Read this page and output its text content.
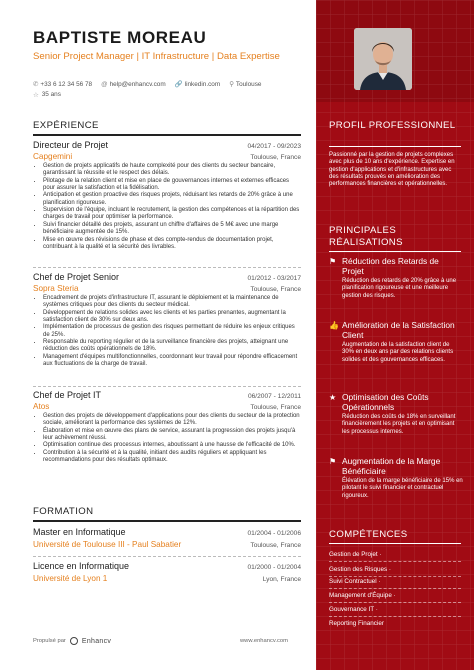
BAPTISTE MOREAU
Senior Project Manager | IT Infrastructure | Data Expertise
✆ +33 6 12 34 56 78 @ help@enhancv.com 🔗 linkedin.com ⚲ Toulouse
☆ 35 ans
EXPÉRIENCE
Directeur de Projet	04/2017 - 09/2023
Capgemini	Toulouse, France
• Gestion de projets applicatifs de haute complexité pour des clients du secteur bancaire, garantissant la réussite et le respect des délais.
• Pilotage de la relation client et mise en place de gouvernances internes et externes efficaces pour assurer la satisfaction et la fidélisation.
• Anticipation et gestion proactive des risques projets, réduisant les retards de 20% grâce à une planification rigoureuse.
• Supervision de l'équipe, incluant le recrutement, la gestion des compétences et la répartition des charges de travail pour optimiser la performance.
• Suivi financier détaillé des projets, assurant un chiffre d'affaires de 5 M€ avec une marge bénéficiaire augmentée de 15%.
• Mise en œuvre des révisions de phase et des compte-rendus de documentation projet, contribuant à la qualité et la sécurité des livrables.
Chef de Projet Senior	01/2012 - 03/2017
Sopra Steria	Toulouse, France
• Encadrement de projets d'infrastructure IT, assurant le déploiement et la maintenance de systèmes critiques pour des clients du secteur médical.
• Développement de relations solides avec les clients et les parties prenantes, augmentant la satisfaction client de 30% sur deux ans.
• Implémentation de processus de gestion des risques permettant de réduire les enjeux critiques de 25%.
• Responsable du reporting régulier et de la surveillance financière des projets, atteignant une réduction des coûts opérationnels de 18%.
• Management d'équipes multifonctionnelles, coordonnant leur travail pour répondre efficacement aux fluctuations de la charge de travail.
Chef de Projet IT	06/2007 - 12/2011
Atos	Toulouse, France
• Gestion des projets de développement d'applications pour des clients du secteur de la protection sociale, améliorant la performance des systèmes de 12%.
• Élaboration et mise en œuvre des plans de service, assurant la progression des projets jusqu'à leur achèvement réussi.
• Optimisation continue des processus internes, aboutissant à une hausse de l'efficacité de 10%.
• Contribution à la sécurité et à la qualité, initiant des audits réguliers et appliquant les recommandations pour des résultats optimaux.
FORMATION
Master en Informatique	01/2004 - 01/2006
Université de Toulouse III - Paul Sabatier	Toulouse, France
Licence en Informatique	01/2000 - 01/2004
Université de Lyon 1	Lyon, France
Propulsé par Enhancv	www.enhancv.com
PROFIL PROFESSIONNEL
Passionné par la gestion de projets complexes avec plus de 10 ans d'expérience. Expertise en gestion d'applications et d'infrastructures avec des résultats prouvés en amélioration des performances financières et opérationnelles.
PRINCIPALES RÉALISATIONS
⚑ Réduction des Retards de Projet
Réduction des retards de 20% grâce à une planification rigoureuse et une meilleure gestion des risques.
👍 Amélioration de la Satisfaction Client
Augmentation de la satisfaction client de 30% en deux ans par des relations clients solides et des gouvernances efficaces.
★ Optimisation des Coûts Opérationnels
Réduction des coûts de 18% en surveillant financièrement les projets et en optimisant les processus internes.
⚑ Augmentation de la Marge Bénéficiaire
Élévation de la marge bénéficiaire de 15% en pilotant le suivi financier et contractuel rigoureux.
COMPÉTENCES
Gestion de Projet ·
Gestion des Risques ·
Suivi Contractuel ·
Management d'Équipe ·
Gouvernance IT ·
Reporting Financier
